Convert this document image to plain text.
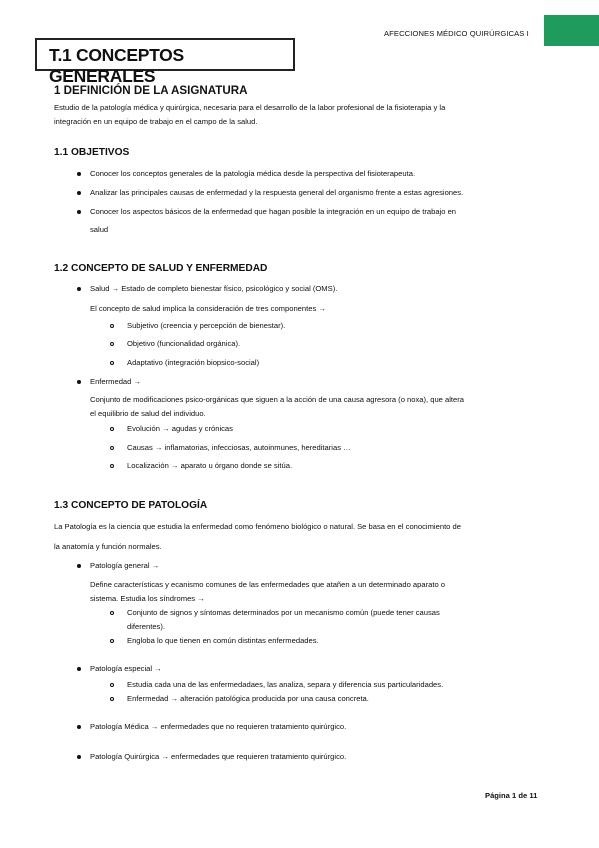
AFECCIONES MÉDICO QUIRÚRGICAS I
T.1 CONCEPTOS GENERALES
1 DEFINICIÓN DE LA ASIGNATURA
Estudio de la patología médica y quirúrgica, necesaria para el desarrollo de la labor profesional de la fisioterapia y la
integración en un equipo de trabajo en el campo de la salud.
1.1 OBJETIVOS
Conocer los conceptos generales de la patología médica desde la perspectiva del fisioterapeuta.
Analizar las principales causas de enfermedad y la respuesta general del organismo frente a estas agresiones.
Conocer los aspectos básicos de la enfermedad que hagan posible la integración en un equipo de trabajo en
salud
1.2 CONCEPTO DE SALUD Y ENFERMEDAD
Salud → Estado de completo bienestar físico, psicológico y social (OMS).
El concepto de salud implica la consideración de tres componentes →
Subjetivo (creencia y percepción de bienestar).
Objetivo (funcionalidad orgánica).
Adaptativo (integración biopsico-social)
Enfermedad →
Conjunto de modificaciones psico-orgánicas que siguen a la acción de una causa agresora (o noxa), que altera
el equilibrio de salud del individuo.
Evolución → agudas y crónicas
Causas → inflamatorias, infecciosas, autoinmunes, hereditarias …
Localización → aparato u órgano donde se sitúa.
1.3 CONCEPTO DE PATOLOGÍA
La Patología es la ciencia que estudia la enfermedad como fenómeno biológico o natural. Se basa en el conocimiento de
la anatomía y función normales.
Patología general →
Define características y ecanismo comunes de las enfermedades que atañen a un determinado aparato o
sistema. Estudia los síndromes →
Conjunto de signos y síntomas determinados por un mecanismo común (puede tener causas
diferentes).
Engloba lo que tienen en común distintas enfermedades.
Patología especial →
Estudia cada una de las enfermedadaes, las analiza, separa y diferencia sus particularidades.
Enfermedad → alteración patológica producida por una causa concreta.
Patología Médica → enfermedades que no requieren tratamiento quirúrgico.
Patología Quirúrgica → enfermedades que requieren tratamiento quirúrgico.
Página 1 de 11
